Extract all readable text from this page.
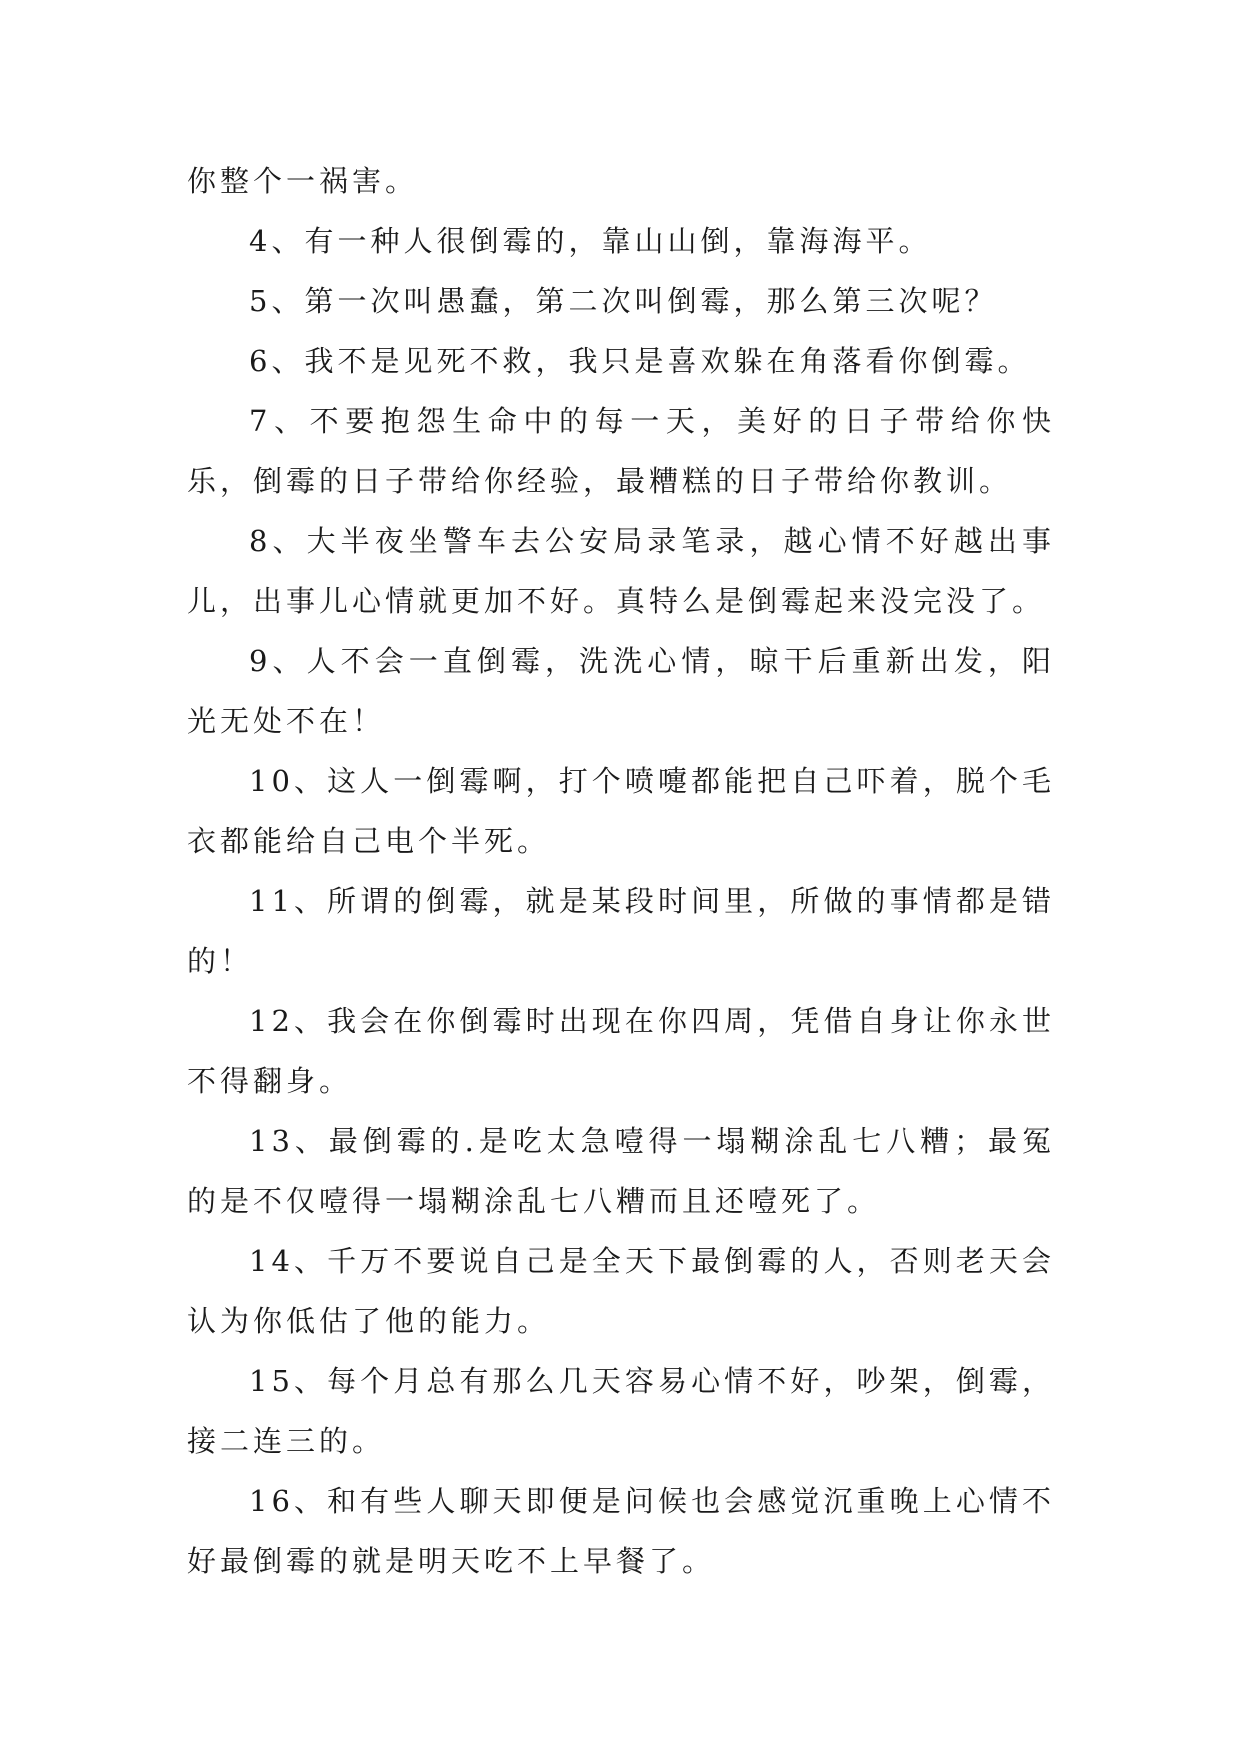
你整个一祸害。

4、有一种人很倒霉的，靠山山倒，靠海海平。

5、第一次叫愚蠢，第二次叫倒霉，那么第三次呢？

6、我不是见死不救，我只是喜欢躲在角落看你倒霉。

7、不要抱怨生命中的每一天，美好的日子带给你快乐，倒霉的日子带给你经验，最糟糕的日子带给你教训。

8、大半夜坐警车去公安局录笔录，越心情不好越出事儿，出事儿心情就更加不好。真特么是倒霉起来没完没了。

9、人不会一直倒霉，洗洗心情，晾干后重新出发，阳光无处不在！

10、这人一倒霉啊，打个喷嚏都能把自己吓着，脱个毛衣都能给自己电个半死。

11、所谓的倒霉，就是某段时间里，所做的事情都是错的！

12、我会在你倒霉时出现在你四周，凭借自身让你永世不得翻身。

13、最倒霉的.是吃太急噎得一塌糊涂乱七八糟；最冤的是不仅噎得一塌糊涂乱七八糟而且还噎死了。

14、千万不要说自己是全天下最倒霉的人，否则老天会认为你低估了他的能力。

15、每个月总有那么几天容易心情不好，吵架，倒霉，接二连三的。

16、和有些人聊天即便是问候也会感觉沉重晚上心情不好最倒霉的就是明天吃不上早餐了。
